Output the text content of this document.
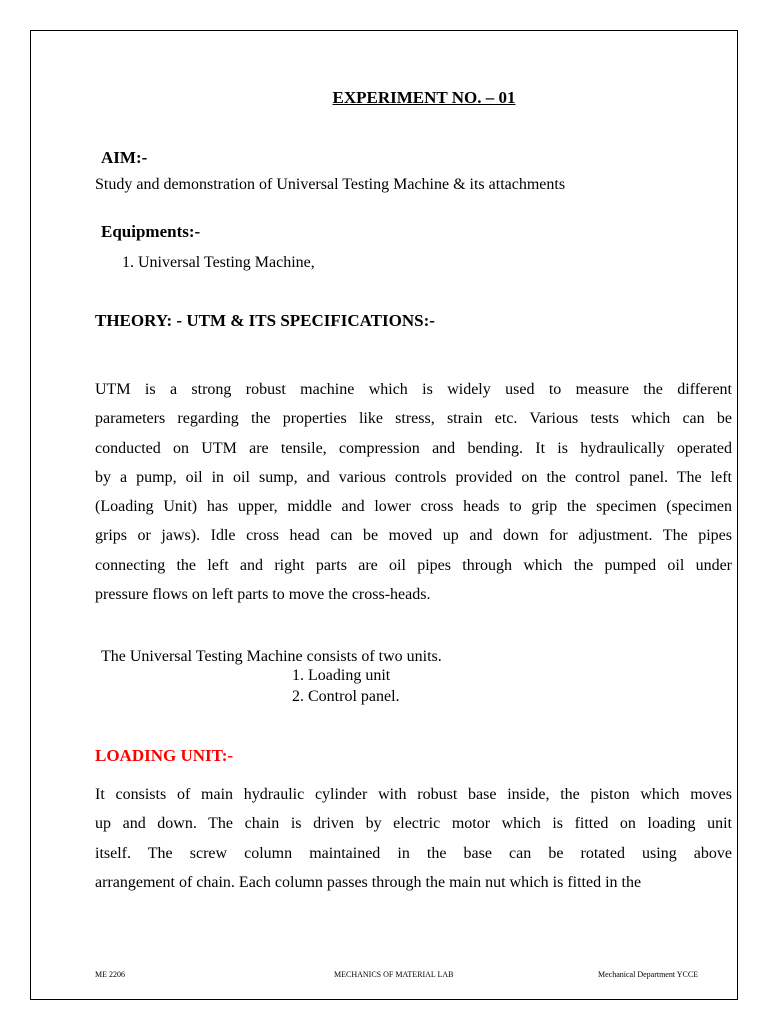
EXPERIMENT NO. – 01
AIM:-
Study and demonstration of Universal Testing Machine & its attachments
Equipments:-
1. Universal Testing Machine,
THEORY: - UTM & ITS SPECIFICATIONS:-
UTM is a strong robust machine which is widely used to measure the different
parameters regarding the properties like stress, strain etc. Various tests which can be
conducted on UTM are tensile, compression and bending. It is hydraulically operated
by a pump, oil in oil sump, and various controls provided on the control panel. The left
(Loading Unit) has upper, middle and lower cross heads to grip the specimen (specimen
grips or jaws). Idle cross head can be moved up and down for adjustment. The pipes
connecting the left and right parts are oil pipes through which the pumped oil under
pressure flows on left parts to move the cross-heads.
The Universal Testing Machine consists of two units.
1. Loading unit
2. Control panel.
LOADING UNIT:-
It consists of main hydraulic cylinder with robust base inside, the piston which moves
up and down. The chain is driven by electric motor which is fitted on loading unit
itself. The screw column maintained in the base can be rotated using above
arrangement of chain. Each column passes through the main nut which is fitted in the
ME 2206	MECHANICS OF MATERIAL LAB	Mechanical Department YCCE
